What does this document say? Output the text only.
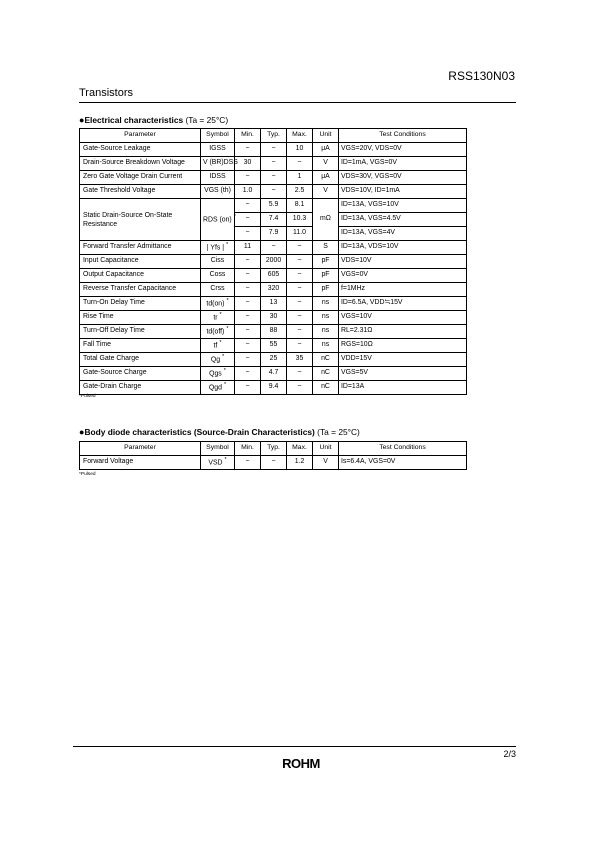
RSS130N03
Transistors
●Electrical characteristics (Ta = 25°C)
Parameter	Symbol	Min.	Typ.	Max.	Unit	Test Conditions
Gate-Source Leakage	IGSS	−	−	10	μA	VGS=20V, VDS=0V
Drain-Source Breakdown Voltage	V (BR)DSS	30	−	−	V	ID=1mA, VGS=0V
Zero Gate Voltage Drain Current	IDSS	−	−	1	μA	VDS=30V, VGS=0V
Gate Threshold Voltage	VGS (th)	1.0	−	2.5	V	VDS=10V, ID=1mA
Static Drain-Source On-State Resistance	RDS (on) *	−	5.9	8.1	mΩ	ID=13A, VGS=10V
		−	7.4	10.3		ID=13A, VGS=4.5V
		−	7.9	11.0		ID=13A, VGS=4V
Forward Transfer Admittance	| Yfs | *	11	−	−	S	ID=13A, VDS=10V
Input Capacitance	Ciss	−	2000	−	pF	VDS=10V
Output Capacitance	Coss	−	605	−	pF	VGS=0V
Reverse Transfer Capacitance	Crss	−	320	−	pF	f=1MHz
Turn-On Delay Time	td(on) *	−	13	−	ns	ID=6.5A, VDD≒15V
Rise Time	tr *	−	30	−	ns	VGS=10V
Turn-Off Delay Time	td(off) *	−	88	−	ns	RL=2.31Ω
Fall Time	tf *	−	55	−	ns	RGS=10Ω
Total Gate Charge	Qg *	−	25	35	nC	VDD=15V
Gate-Source Charge	Qgs *	−	4.7	−	nC	VGS=5V
Gate-Drain Charge	Qgd *	−	9.4	−	nC	ID=13A
*Pulsed
●Body diode characteristics (Source-Drain Characteristics) (Ta = 25°C)
Parameter	Symbol	Min.	Typ.	Max.	Unit	Test Conditions
Forward Voltage	VSD *	−	−	1.2	V	Is=6.4A, VGS=0V
*Pulsed
2/3
ROHM
